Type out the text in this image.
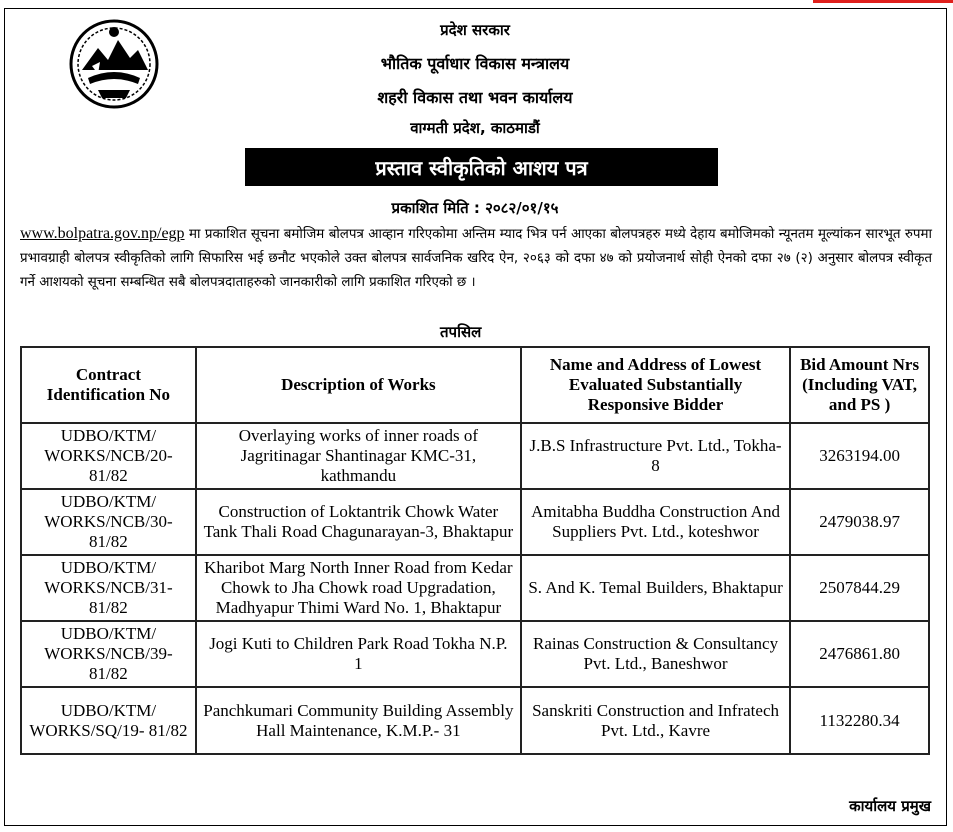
प्रदेश सरकार
भौतिक पूर्वाधार विकास मन्त्रालय
शहरी विकास तथा भवन कार्यालय
वाग्मती प्रदेश, काठमाडौं
प्रस्ताव स्वीकृतिको आशय पत्र
प्रकाशित मिति : २०८२/०१/१५
www.bolpatra.gov.np/egp मा प्रकाशित सूचना बमोजिम बोलपत्र आव्हान गरिएकोमा अन्तिम म्याद भित्र पर्न आएका बोलपत्रहरु मध्ये देहाय बमोजिमको न्यूनतम मूल्यांकन सारभूत रुपमा प्रभावग्राही बोलपत्र स्वीकृतिको लागि सिफारिस भई छनौट भएकोले उक्त बोलपत्र सार्वजनिक खरिद ऐन, २०६३ को दफा ४७ को प्रयोजनार्थ सोही ऐनको दफा २७ (२) अनुसार बोलपत्र स्वीकृत गर्ने आशयको सूचना सम्बन्धित सबै बोलपत्रदाताहरुको जानकारीको लागि प्रकाशित गरिएको छ ।
तपसिल
Contract Identification No	Description of Works	Name and Address of Lowest Evaluated Substantially Responsive Bidder	Bid Amount Nrs (Including VAT, and PS )
UDBO/KTM/ WORKS/NCB/20- 81/82	Overlaying works of inner roads of Jagritinagar Shantinagar KMC-31, kathmandu	J.B.S Infrastructure Pvt. Ltd., Tokha-8	3263194.00
UDBO/KTM/ WORKS/NCB/30- 81/82	Construction of Loktantrik Chowk Water Tank Thali Road Chagunarayan-3, Bhaktapur	Amitabha Buddha Construction And Suppliers Pvt. Ltd., koteshwor	2479038.97
UDBO/KTM/ WORKS/NCB/31- 81/82	Kharibot Marg North Inner Road from Kedar Chowk to Jha Chowk road Upgradation, Madhyapur Thimi Ward No. 1, Bhaktapur	S. And K. Temal Builders, Bhaktapur	2507844.29
UDBO/KTM/ WORKS/NCB/39- 81/82	Jogi Kuti to Children Park Road Tokha N.P. 1	Rainas Construction & Consultancy Pvt. Ltd., Baneshwor	2476861.80
UDBO/KTM/ WORKS/SQ/19- 81/82	Panchkumari Community Building Assembly Hall Maintenance, K.M.P.- 31	Sanskriti Construction and Infratech Pvt. Ltd., Kavre	1132280.34
कार्यालय प्रमुख
